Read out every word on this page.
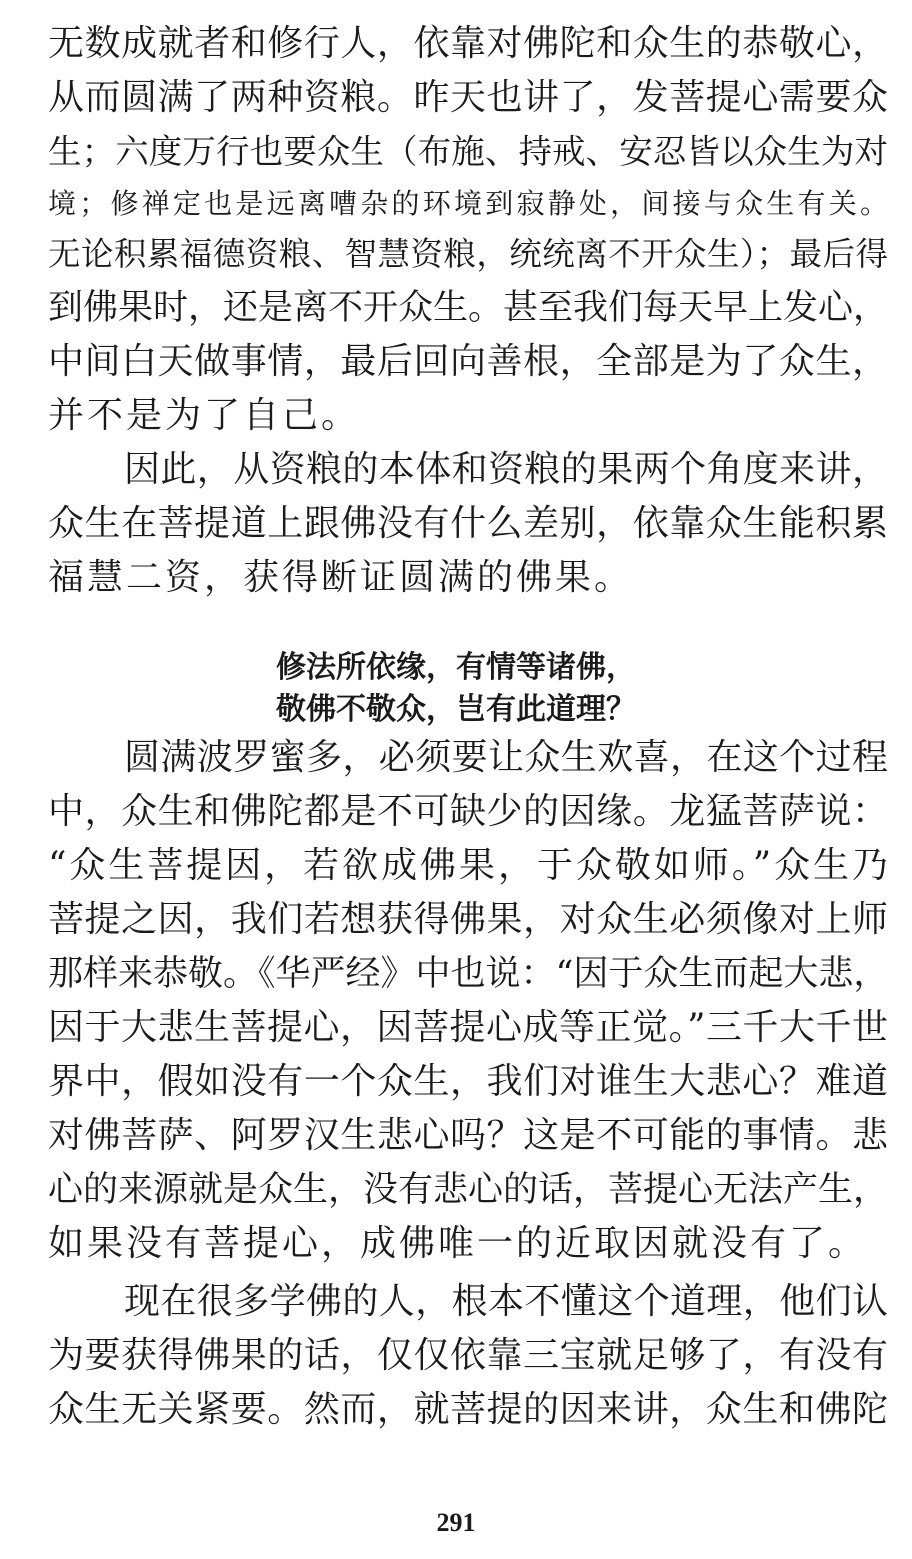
无数成就者和修行人，依靠对佛陀和众生的恭敬心，
从而圆满了两种资粮。昨天也讲了，发菩提心需要众
生；六度万行也要众生（布施、持戒、安忍皆以众生为对
境；修禅定也是远离嘈杂的环境到寂静处，间接与众生有关。
无论积累福德资粮、智慧资粮，统统离不开众生）；最后得
到佛果时，还是离不开众生。甚至我们每天早上发心，
中间白天做事情，最后回向善根，全部是为了众生，
并不是为了自己。
因此，从资粮的本体和资粮的果两个角度来讲，
众生在菩提道上跟佛没有什么差别，依靠众生能积累
福慧二资，获得断证圆满的佛果。
修法所依缘，有情等诸佛，
敬佛不敬众，岂有此道理？
圆满波罗蜜多，必须要让众生欢喜，在这个过程
中，众生和佛陀都是不可缺少的因缘。龙猛菩萨说：
“众生菩提因，若欲成佛果，于众敬如师。”众生乃
菩提之因，我们若想获得佛果，对众生必须像对上师
那样来恭敬。《华严经》中也说：“因于众生而起大悲，
因于大悲生菩提心，因菩提心成等正觉。”三千大千世
界中，假如没有一个众生，我们对谁生大悲心？难道
对佛菩萨、阿罗汉生悲心吗？这是不可能的事情。悲
心的来源就是众生，没有悲心的话，菩提心无法产生，
如果没有菩提心，成佛唯一的近取因就没有了。
现在很多学佛的人，根本不懂这个道理，他们认
为要获得佛果的话，仅仅依靠三宝就足够了，有没有
众生无关紧要。然而，就菩提的因来讲，众生和佛陀
291
